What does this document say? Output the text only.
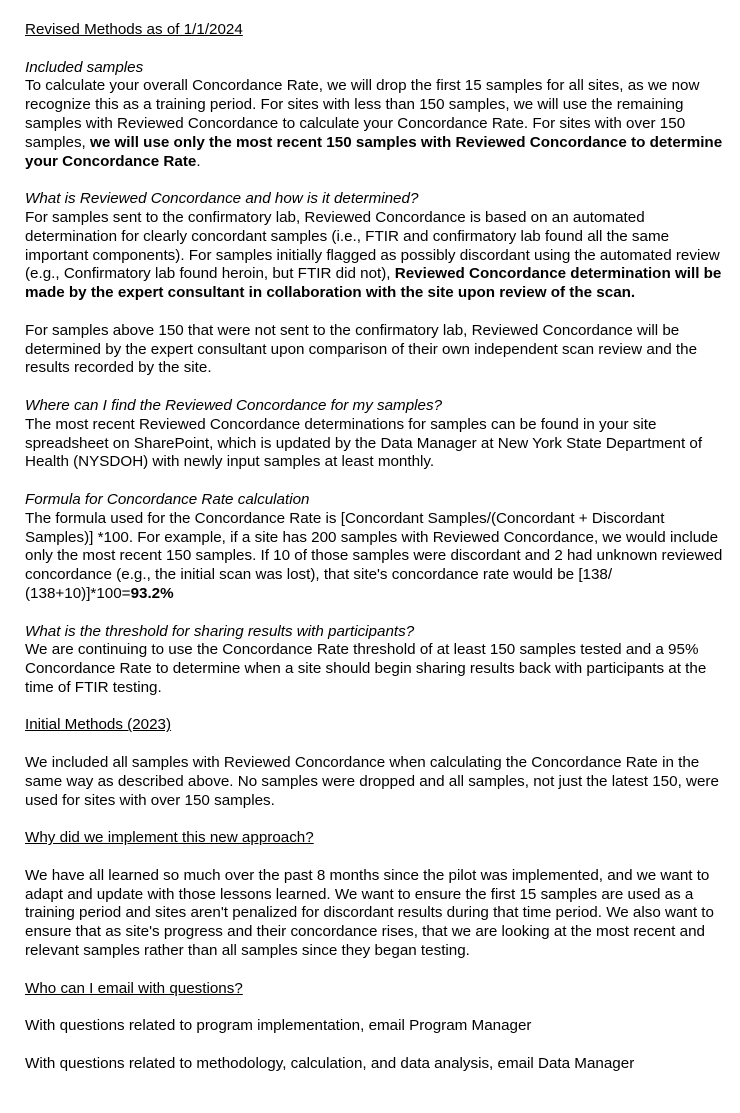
Revised Methods as of 1/1/2024
Included samples

To calculate your overall Concordance Rate, we will drop the first 15 samples for all sites, as we now recognize this as a training period. For sites with less than 150 samples, we will use the remaining samples with Reviewed Concordance to calculate your Concordance Rate. For sites with over 150 samples, we will use only the most recent 150 samples with Reviewed Concordance to determine your Concordance Rate.

What is Reviewed Concordance and how is it determined?

For samples sent to the confirmatory lab, Reviewed Concordance is based on an automated determination for clearly concordant samples (i.e., FTIR and confirmatory lab found all the same important components). For samples initially flagged as possibly discordant using the automated review (e.g., Confirmatory lab found heroin, but FTIR did not), Reviewed Concordance determination will be made by the expert consultant in collaboration with the site upon review of the scan.

For samples above 150 that were not sent to the confirmatory lab, Reviewed Concordance will be determined by the expert consultant upon comparison of their own independent scan review and the results recorded by the site.

Where can I find the Reviewed Concordance for my samples?

The most recent Reviewed Concordance determinations for samples can be found in your site spreadsheet on SharePoint, which is updated by the Data Manager at New York State Department of Health (NYSDOH) with newly input samples at least monthly.

Formula for Concordance Rate calculation

The formula used for the Concordance Rate is [Concordant Samples/(Concordant + Discordant Samples)] *100. For example, if a site has 200 samples with Reviewed Concordance, we would include only the most recent 150 samples. If 10 of those samples were discordant and 2 had unknown reviewed concordance (e.g., the initial scan was lost), that site's concordance rate would be [138/ (138+10)]*100=93.2%

What is the threshold for sharing results with participants?

We are continuing to use the Concordance Rate threshold of at least 150 samples tested and a 95% Concordance Rate to determine when a site should begin sharing results back with participants at the time of FTIR testing.

Initial Methods (2023)

We included all samples with Reviewed Concordance when calculating the Concordance Rate in the same way as described above. No samples were dropped and all samples, not just the latest 150, were used for sites with over 150 samples.

Why did we implement this new approach?

We have all learned so much over the past 8 months since the pilot was implemented, and we want to adapt and update with those lessons learned. We want to ensure the first 15 samples are used as a training period and sites aren't penalized for discordant results during that time period. We also want to ensure that as site's progress and their concordance rises, that we are looking at the most recent and relevant samples rather than all samples since they began testing.

Who can I email with questions?

With questions related to program implementation, email Program Manager

With questions related to methodology, calculation, and data analysis, email Data Manager
